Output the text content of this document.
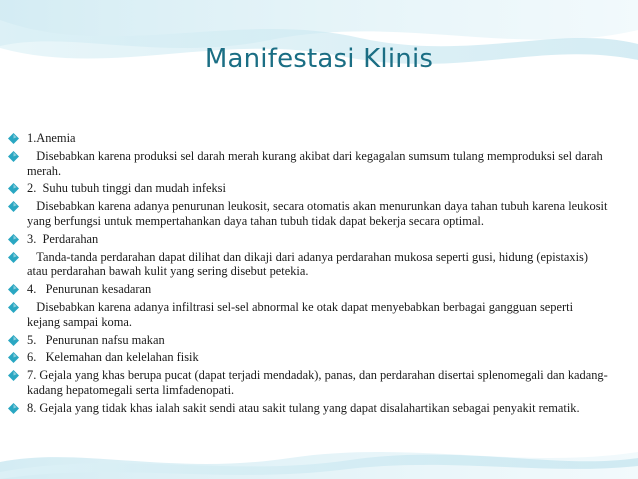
Manifestasi Klinis
1.Anemia
Disebabkan karena produksi sel darah merah kurang akibat dari kegagalan sumsum tulang memproduksi sel darah merah.
2.  Suhu tubuh tinggi dan mudah infeksi
Disebabkan karena adanya penurunan leukosit, secara otomatis akan menurunkan daya tahan tubuh karena leukosit yang berfungsi untuk mempertahankan daya tahan tubuh tidak dapat bekerja secara optimal.
3.  Perdarahan
Tanda-tanda perdarahan dapat dilihat dan dikaji dari adanya perdarahan mukosa seperti gusi, hidung (epistaxis) atau perdarahan bawah kulit yang sering disebut petekia.
4.   Penurunan kesadaran
Disebabkan karena adanya infiltrasi sel-sel abnormal ke otak dapat menyebabkan berbagai gangguan seperti kejang sampai koma.
5.   Penurunan nafsu makan
6.   Kelemahan dan kelelahan fisik
7. Gejala yang khas berupa pucat (dapat terjadi mendadak), panas, dan perdarahan disertai splenomegali dan kadang-kadang hepatomegali serta limfadenopati.
8. Gejala yang tidak khas ialah sakit sendi atau sakit tulang yang dapat disalahartikan sebagai penyakit rematik.
